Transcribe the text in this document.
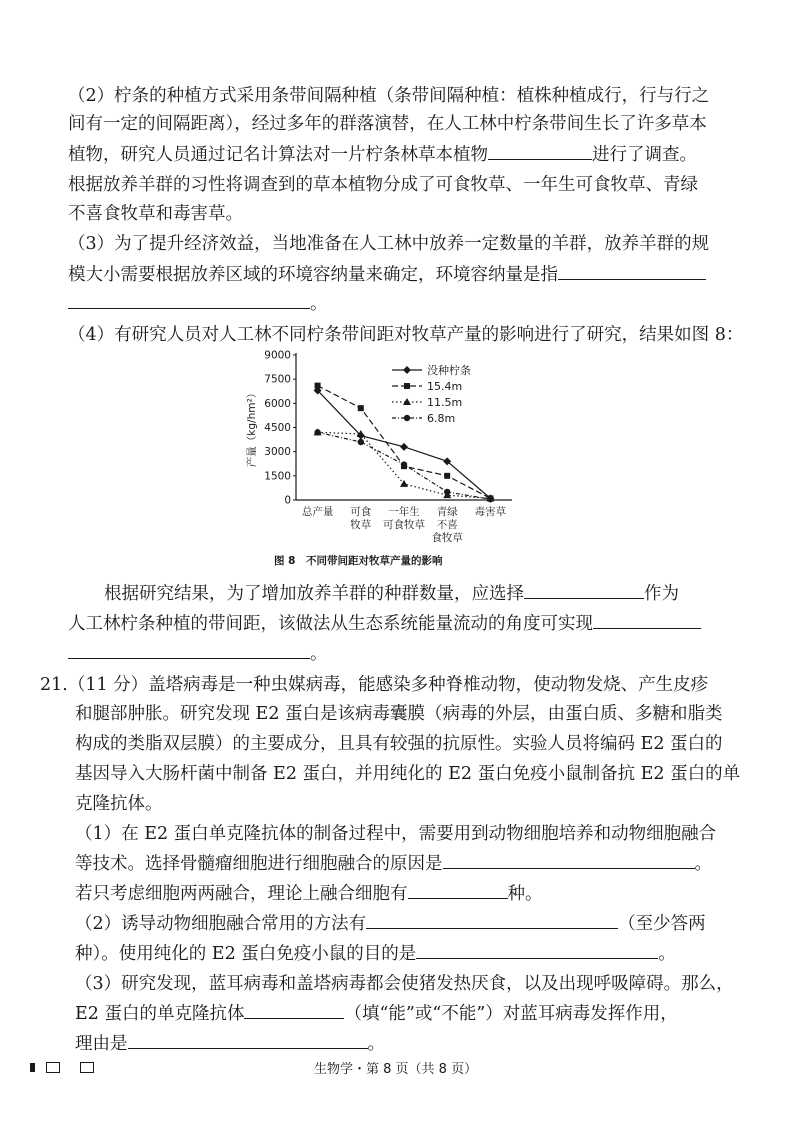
（2）柠条的种植方式采用条带间隔种植（条带间隔种植：植株种植成行，行与行之
间有一定的间隔距离），经过多年的群落演替，在人工林中柠条带间生长了许多草本
植物，研究人员通过记名计算法对一片柠条林草本植物	进行了调查。
根据放养羊群的习性将调查到的草本植物分成了可食牧草、一年生可食牧草、青绿
不喜食牧草和毒害草。
（3）为了提升经济效益，当地准备在人工林中放养一定数量的羊群，放养羊群的规
模大小需要根据放养区域的环境容纳量来确定，环境容纳量是指
。
（4）有研究人员对人工林不同柠条带间距对牧草产量的影响进行了研究，结果如图 8：
0
1500
3000
4500
6000
7500
9000
产量（kg/hm²）
总产量 可食
牧草
一年生
可食牧草
青绿
不喜
食牧草
毒害草
没种柠条
15.4m
11.5m
6.8m
图 8　不同带间距对牧草产量的影响
根据研究结果，为了增加放养羊群的种群数量，应选择	作为
人工林柠条种植的带间距，该做法从生态系统能量流动的角度可实现
。
21.（11 分）盖塔病毒是一种虫媒病毒，能感染多种脊椎动物，使动物发烧、产生皮疹
和腿部肿胀。研究发现 E2 蛋白是该病毒囊膜（病毒的外层，由蛋白质、多糖和脂类
构成的类脂双层膜）的主要成分，且具有较强的抗原性。实验人员将编码 E2 蛋白的
基因导入大肠杆菌中制备 E2 蛋白，并用纯化的 E2 蛋白免疫小鼠制备抗 E2 蛋白的单
克隆抗体。
（1）在 E2 蛋白单克隆抗体的制备过程中，需要用到动物细胞培养和动物细胞融合
等技术。选择骨髓瘤细胞进行细胞融合的原因是	。
若只考虑细胞两两融合，理论上融合细胞有	种。
（2）诱导动物细胞融合常用的方法有	（至少答两
种）。使用纯化的 E2 蛋白免疫小鼠的目的是	。
（3）研究发现，蓝耳病毒和盖塔病毒都会使猪发热厌食，以及出现呼吸障碍。那么，
E2 蛋白的单克隆抗体	（填“能”或“不能”）对蓝耳病毒发挥作用，
理由是	。
生物学・第 8 页（共 8 页）
